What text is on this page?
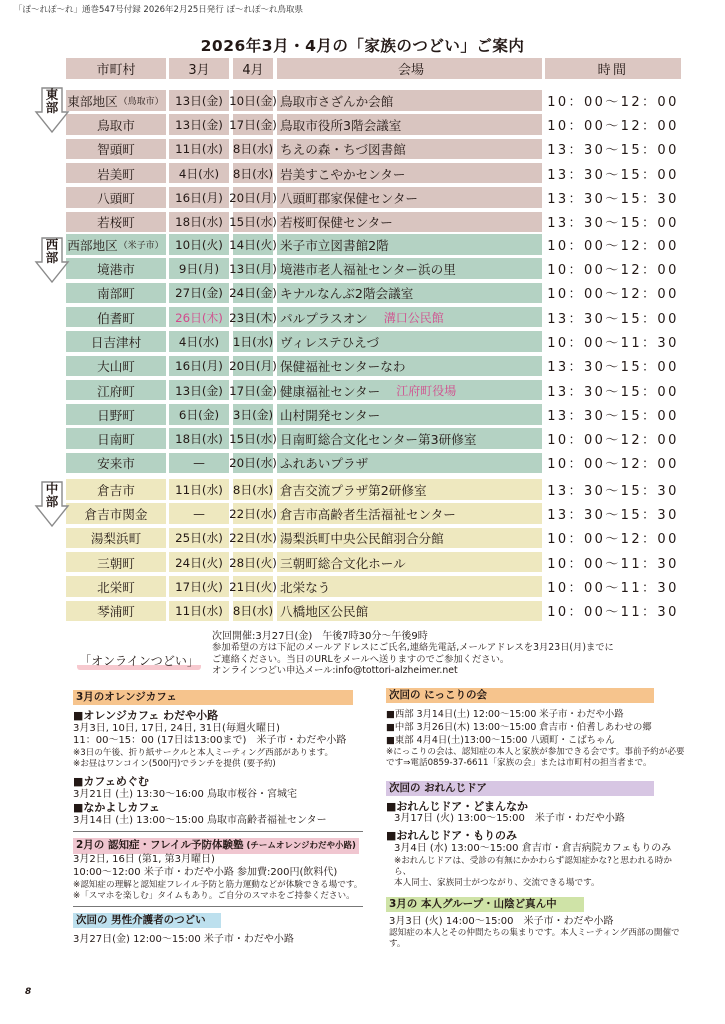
「ぽ～れぽ～れ」通巻547号付録 2026年2月25日発行 ぽ～れぽ～れ鳥取県
2026年3月・4月の「家族のつどい」ご案内
市町村	3月	4月	会場	時間
東部地区 （鳥取市） 13日(金) 10日(金) 鳥取市さざんか会館	10：00～12：00
鳥取市	13日(金) 17日(金) 鳥取市役所3階会議室	10：00～12：00
智頭町	11日(水) 8日(水) ちえの森・ちづ図書館	13：30～15：00
岩美町	4日(水) 8日(水) 岩美すこやかセンター	13：30～15：00
八頭町	16日(月) 20日(月) 八頭町郡家保健センター	13：30～15：30
若桜町	18日(水) 15日(水) 若桜町保健センター	13：30～15：00
西部地区 （米子市） 10日(火) 14日(火) 米子市立図書館2階	10：00～12：00
境港市	9日(月) 13日(月) 境港市老人福祉センター浜の里	10：00～12：00
南部町	27日(金) 24日(金) キナルなんぶ2階会議室	10：00～12：00
伯耆町	26日(木) 23日(木) パルプラスオン 溝口公民館	13：30～15：00
日吉津村	4日(水) 1日(水) ヴィレステひえづ	10：00～11：30
大山町	16日(月) 20日(月) 保健福祉センターなわ	13：30～15：00
江府町	13日(金) 17日(金) 健康福祉センター 江府町役場	13：30～15：00
日野町	6日(金) 3日(金) 山村開発センター	13：30～15：00
日南町	18日(水) 15日(水) 日南町総合文化センター第3研修室	10：00～12：00
安来市	— 20日(水) ふれあいプラザ	10：00～12：00
倉吉市	11日(水) 8日(水) 倉吉交流プラザ第2研修室	13：30～15：30
倉吉市関金	— 22日(水) 倉吉市高齢者生活福祉センター	13：30～15：30
湯梨浜町	25日(水) 22日(水) 湯梨浜町中央公民館羽合分館	10：00～12：00
三朝町	24日(火) 28日(火) 三朝町総合文化ホール	10：00～11：30
北栄町	17日(火) 21日(火) 北栄なう	10：00～11：30
琴浦町	11日(水) 8日(水) 八橋地区公民館	10：00～11：30
東部
西部
中部
「オンラインつどい」
次回開催:3月27日(金)　午後7時30分～午後9時
参加希望の方は下記のメールアドレスにご氏名,連絡先電話,メールアドレスを3月23日(月)までに
ご連絡ください。当日のURLをメールへ送りますのでご参加ください。
オンラインつどい申込メール:info@tottori-alzheimer.net
3月のオレンジカフェ
■オレンジカフェ わだや小路
3月3日, 10日, 17日, 24日, 31日(毎週火曜日)
11：00～15：00 (17日は13:00まで)　米子市・わだや小路
※3日の午後、折り紙サークルと本人ミーティング西部があります。
※お昼はワンコイン(500円)でランチを提供 (要予約)
■カフェめぐむ
3月21日 (土) 13:30～16:00 鳥取市桜谷・宮城宅
■なかよしカフェ
3月14日 (土) 13:00～15:00 鳥取市高齢者福祉センター
2月の 認知症・フレイル予防体験塾 (チームオレンジわだや小路)
3月2日, 16日 (第1, 第3月曜日)
10:00～12:00 米子市・わだや小路 参加費:200円(飲料代)
※認知症の理解と認知症フレイル予防と筋力運動などが体験できる場です。
※「スマホを楽しむ」タイムもあり。ご自分のスマホをご持参ください。
次回の 男性介護者のつどい
3月27日(金) 12:00～15:00 米子市・わだや小路
次回の にっこりの会
■西部 3月14日(土) 12:00～15:00 米子市・わだや小路
■中部 3月26日(木) 13:00～15:00 倉吉市・伯耆しあわせの郷
■東部 4月4日(土)13:00～15:00 八頭町・こばちゃん
※にっこりの会は、認知症の本人と家族が参加できる会です。事前予約が必要
です⇒電話0859-37-6611「家族の会」または市町村の担当者まで。
次回の おれんじドア
■おれんじドア・どまんなか
3月17日 (火) 13:00～15:00　米子市・わだや小路
■おれんじドア・もりのみ
3月4日 (水) 13:00～15:00 倉吉市・倉吉病院カフェもりのみ
※おれんじドアは、受診の有無にかかわらず認知症かな?と思われる時から、
本人同士、家族同士がつながり、交流できる場です。
3月の 本人グループ・山陰ど真ん中
3月3日 (火) 14:00～15:00　米子市・わだや小路
認知症の本人とその仲間たちの集まりです。本人ミーティング西部の開催です。
8
